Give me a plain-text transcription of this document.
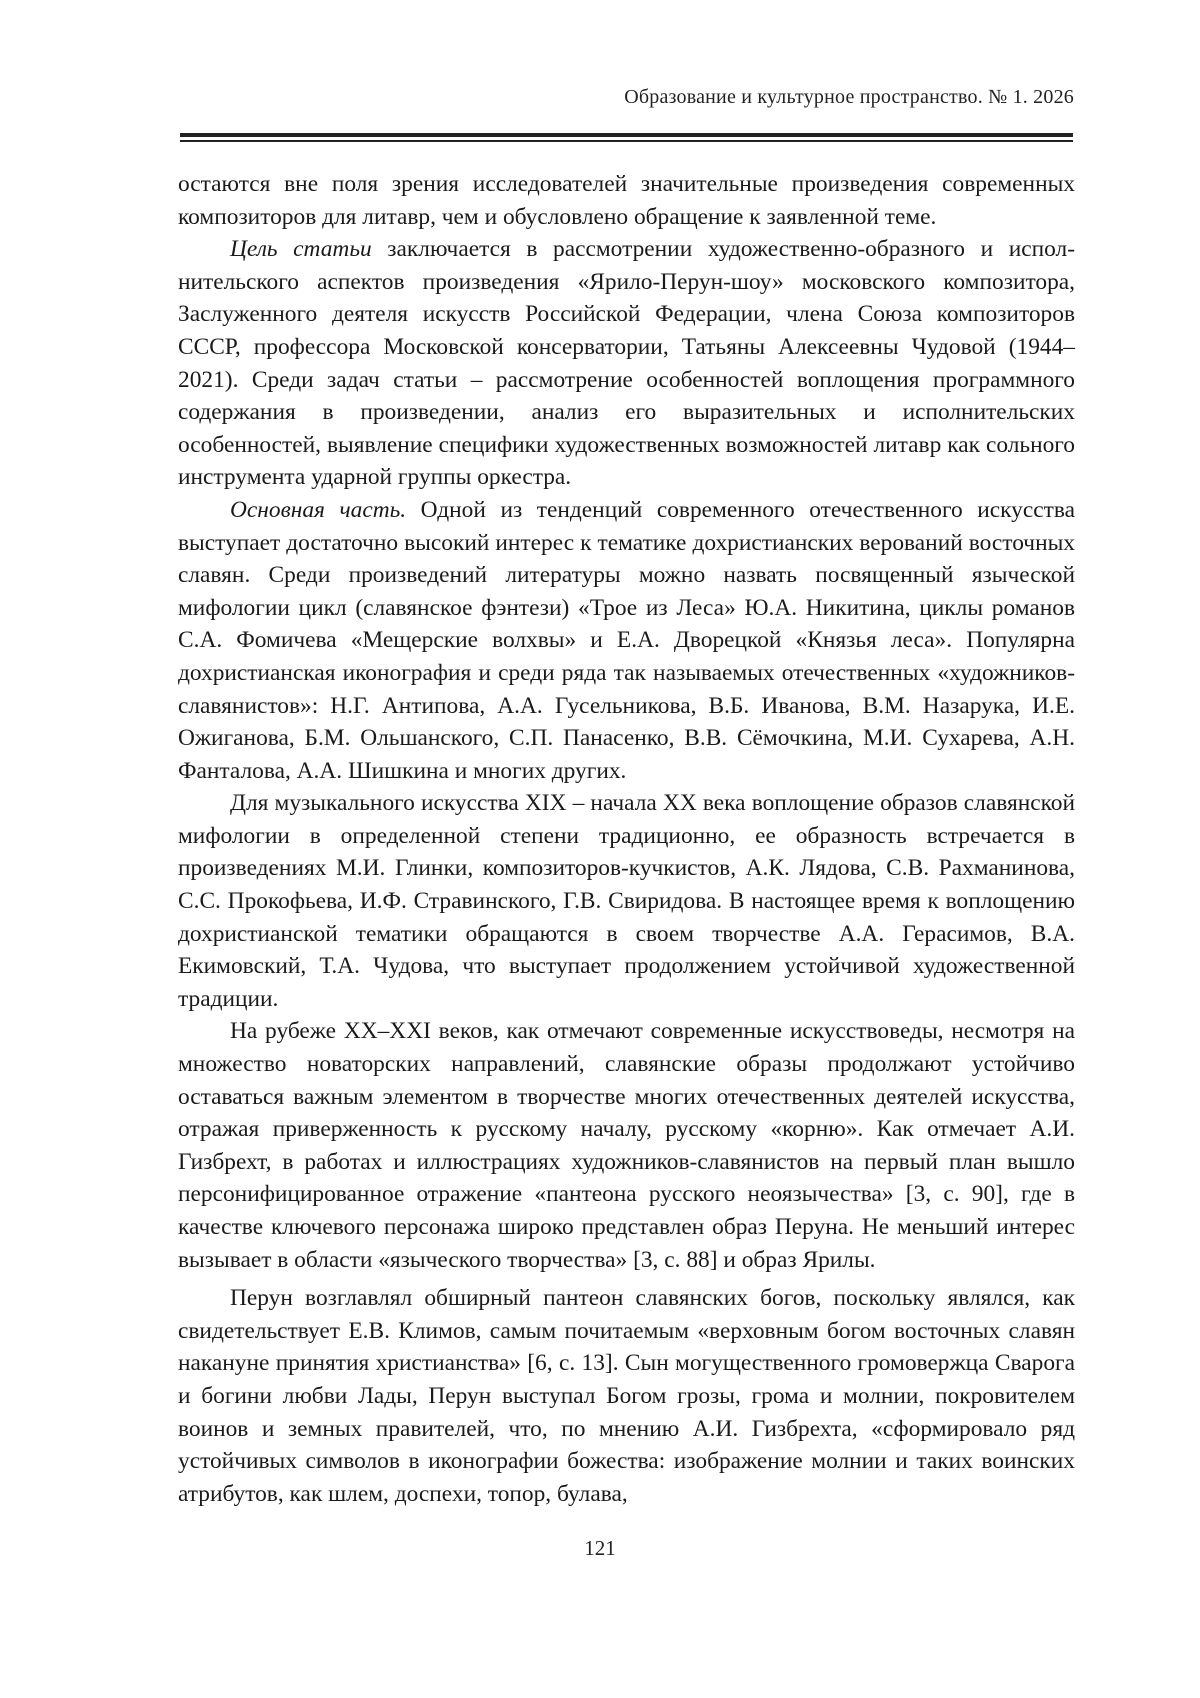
Образование и культурное пространство. № 1. 2026

остаются вне поля зрения исследователей значительные произведения современных композиторов для литавр, чем и обусловлено обращение к заявленной теме.

Цель статьи заключается в рассмотрении художественно-образного и исполнительского аспектов произведения «Ярило-Перун-шоу» московского композитора, Заслуженного деятеля искусств Российской Федерации, члена Союза композиторов СССР, профессора Московской консерватории, Татьяны Алексеевны Чудовой (1944–2021). Среди задач статьи – рассмотрение особенностей воплощения программного содержания в произведении, анализ его выразительных и исполнительских особенностей, выявление специфики художественных возможностей литавр как сольного инструмента ударной группы оркестра.

Основная часть. Одной из тенденций современного отечественного искусства выступает достаточно высокий интерес к тематике дохристианских верований восточных славян. Среди произведений литературы можно назвать посвященный языческой мифологии цикл (славянское фэнтези) «Трое из Леса» Ю.А. Никитина, циклы романов С.А. Фомичева «Мещерские волхвы» и Е.А. Дворецкой «Князья леса». Популярна дохристианская иконография и среди ряда так называемых отечественных «художников-славянистов»: Н.Г. Антипова, А.А. Гусельникова, В.Б. Иванова, В.М. Назарука, И.Е. Ожиганова, Б.М. Ольшанского, С.П. Панасенко, В.В. Сёмочкина, М.И. Сухарева, А.Н. Фанталова, А.А. Шишкина и многих других.

Для музыкального искусства XIX – начала XX века воплощение образов славянской мифологии в определенной степени традиционно, ее образность встречается в произведениях М.И. Глинки, композиторов-кучкистов, А.К. Лядова, С.В. Рахманинова, С.С. Прокофьева, И.Ф. Стравинского, Г.В. Свиридова. В настоящее время к воплощению дохристианской тематики обращаются в своем творчестве А.А. Герасимов, В.А. Екимовский, Т.А. Чудова, что выступает продолжением устойчивой художественной традиции.

На рубеже XX–XXI веков, как отмечают современные искусствоведы, несмотря на множество новаторских направлений, славянские образы продолжают устойчиво оставаться важным элементом в творчестве многих отечественных деятелей искусства, отражая приверженность к русскому началу, русскому «корню». Как отмечает А.И. Гизбрехт, в работах и иллюстрациях художников-славянистов на первый план вышло персонифицированное отражение «пантеона русского неоязычества» [3, с. 90], где в качестве ключевого персонажа широко представлен образ Перуна. Не меньший интерес вызывает в области «языческого творчества» [3, с. 88] и образ Ярилы.

Перун возглавлял обширный пантеон славянских богов, поскольку являлся, как свидетельствует Е.В. Климов, самым почитаемым «верховным богом восточных славян накануне принятия христианства» [6, с. 13]. Сын могущественного громовержца Сварога и богини любви Лады, Перун выступал Богом грозы, грома и молнии, покровителем воинов и земных правителей, что, по мнению А.И. Гизбрехта, «сформировало ряд устойчивых символов в иконографии божества: изображение молнии и таких воинских атрибутов, как шлем, доспехи, топор, булава,

121
